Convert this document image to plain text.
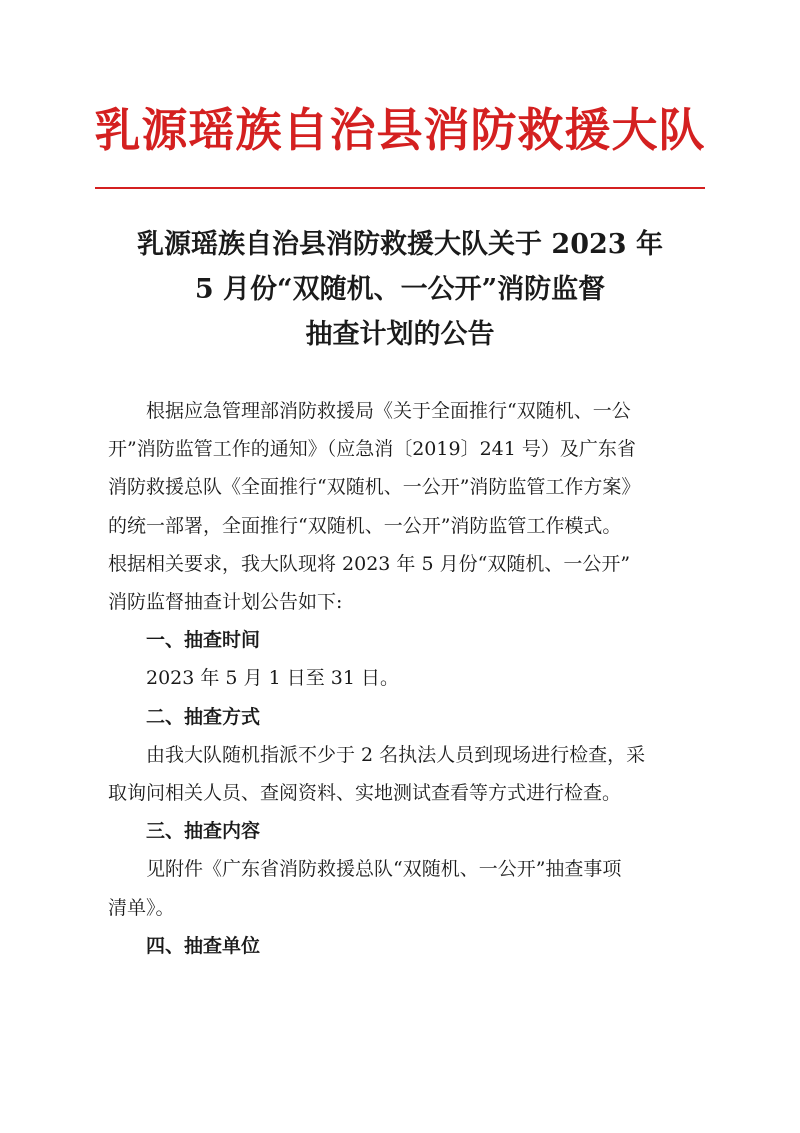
乳源瑶族自治县消防救援大队
乳源瑶族自治县消防救援大队关于 2023 年
5 月份“双随机、一公开”消防监督
抽查计划的公告
根据应急管理部消防救援局《关于全面推行“双随机、一公
开”消防监管工作的通知》（应急消〔2019〕241 号）及广东省
消防救援总队《全面推行“双随机、一公开”消防监管工作方案》
的统一部署，全面推行“双随机、一公开”消防监管工作模式。
根据相关要求，我大队现将 2023 年 5 月份“双随机、一公开”
消防监督抽查计划公告如下:
一、抽查时间
2023 年 5 月 1 日至 31 日。
二、抽查方式
由我大队随机指派不少于 2 名执法人员到现场进行检查，采
取询问相关人员、查阅资料、实地测试查看等方式进行检查。
三、抽查内容
见附件《广东省消防救援总队“双随机、一公开”抽查事项
清单》。
四、抽查单位
